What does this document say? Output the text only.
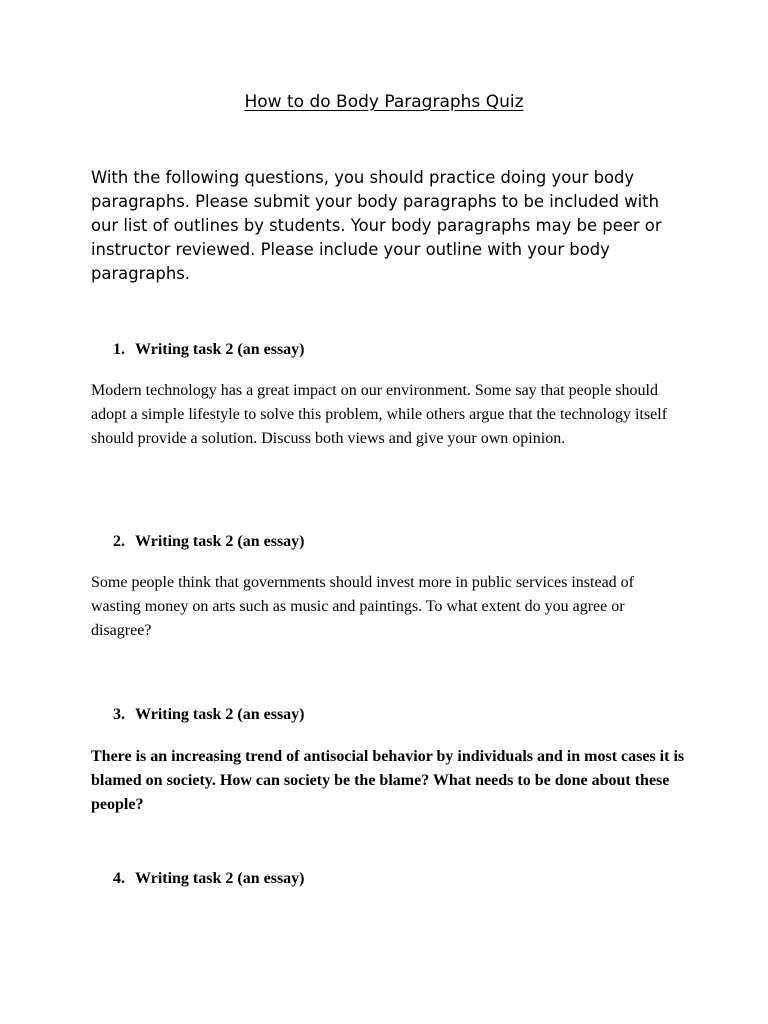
How to do Body Paragraphs Quiz

With the following questions, you should practice doing your body paragraphs. Please submit your body paragraphs to be included with our list of outlines by students. Your body paragraphs may be peer or instructor reviewed. Please include your outline with your body paragraphs.

1. Writing task 2 (an essay)

Modern technology has a great impact on our environment. Some say that people should adopt a simple lifestyle to solve this problem, while others argue that the technology itself should provide a solution. Discuss both views and give your own opinion.

2. Writing task 2 (an essay)

Some people think that governments should invest more in public services instead of wasting money on arts such as music and paintings. To what extent do you agree or disagree?

3. Writing task 2 (an essay)

There is an increasing trend of antisocial behavior by individuals and in most cases it is blamed on society. How can society be the blame? What needs to be done about these people?

4. Writing task 2 (an essay)
